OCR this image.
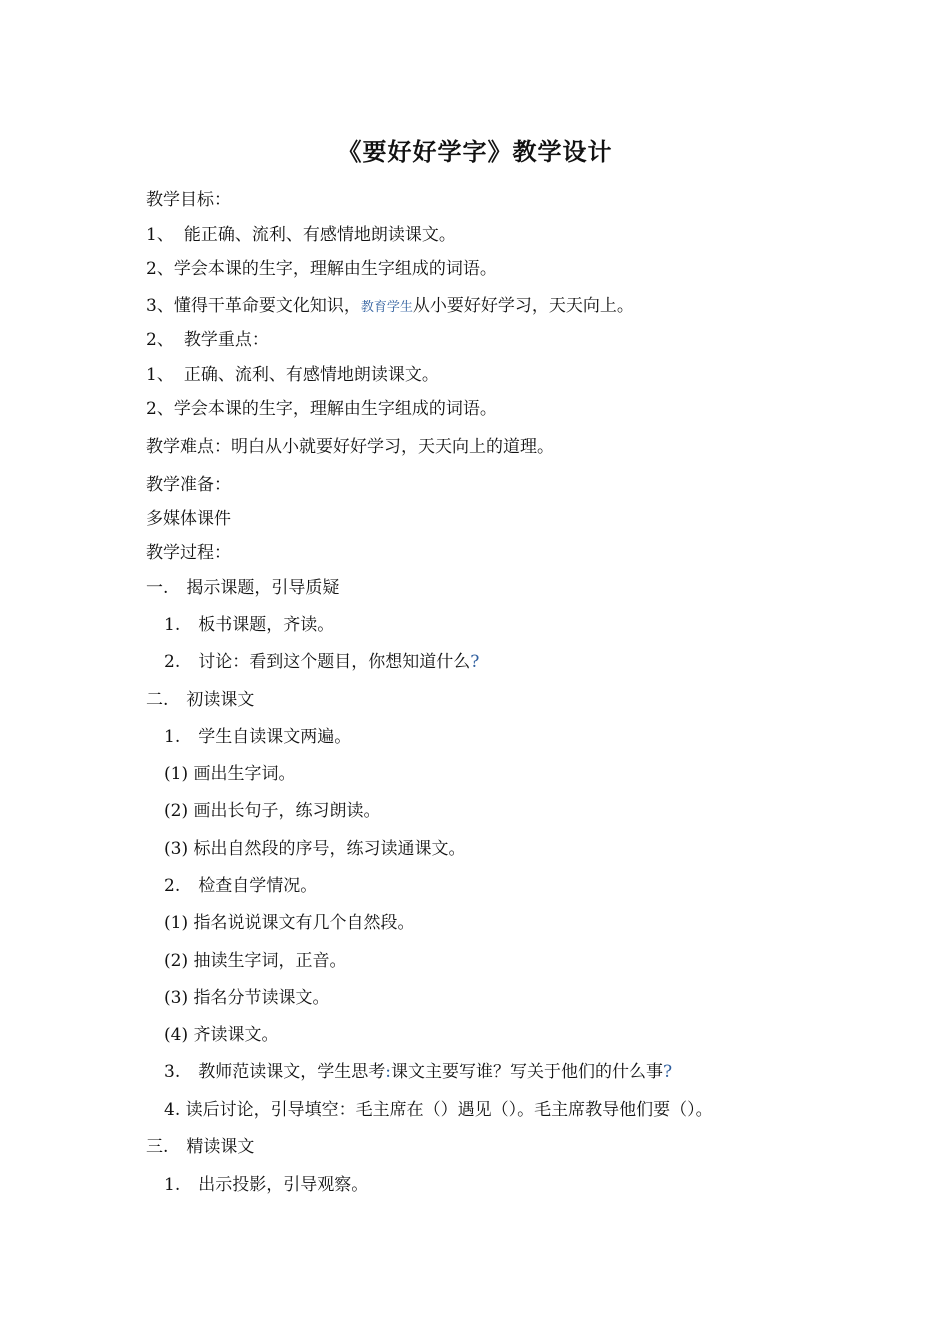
《要好好学字》教学设计
教学目标：
1、 能正确、流利、有感情地朗读课文。
2、学会本课的生字，理解由生字组成的词语。
3、懂得干革命要文化知识，教育学生从小要好好学习，天天向上。
2、 教学重点：
1、 正确、流利、有感情地朗读课文。
2、学会本课的生字，理解由生字组成的词语。
教学难点：明白从小就要好好学习，天天向上的道理。
教学准备：
多媒体课件
教学过程：
一. 揭示课题，引导质疑
1. 板书课题，齐读。
2. 讨论：看到这个题目，你想知道什么?
二. 初读课文
1. 学生自读课文两遍。
(1) 画出生字词。
(2) 画出长句子，练习朗读。
(3) 标出自然段的序号，练习读通课文。
2. 检查自学情况。
(1) 指名说说课文有几个自然段。
(2) 抽读生字词，正音。
(3) 指名分节读课文。
(4) 齐读课文。
3. 教师范读课文，学生思考:课文主要写谁？写关于他们的什么事?
4. 读后讨论，引导填空：毛主席在（）遇见（）。毛主席教导他们要（）。
三. 精读课文
1. 出示投影，引导观察。
